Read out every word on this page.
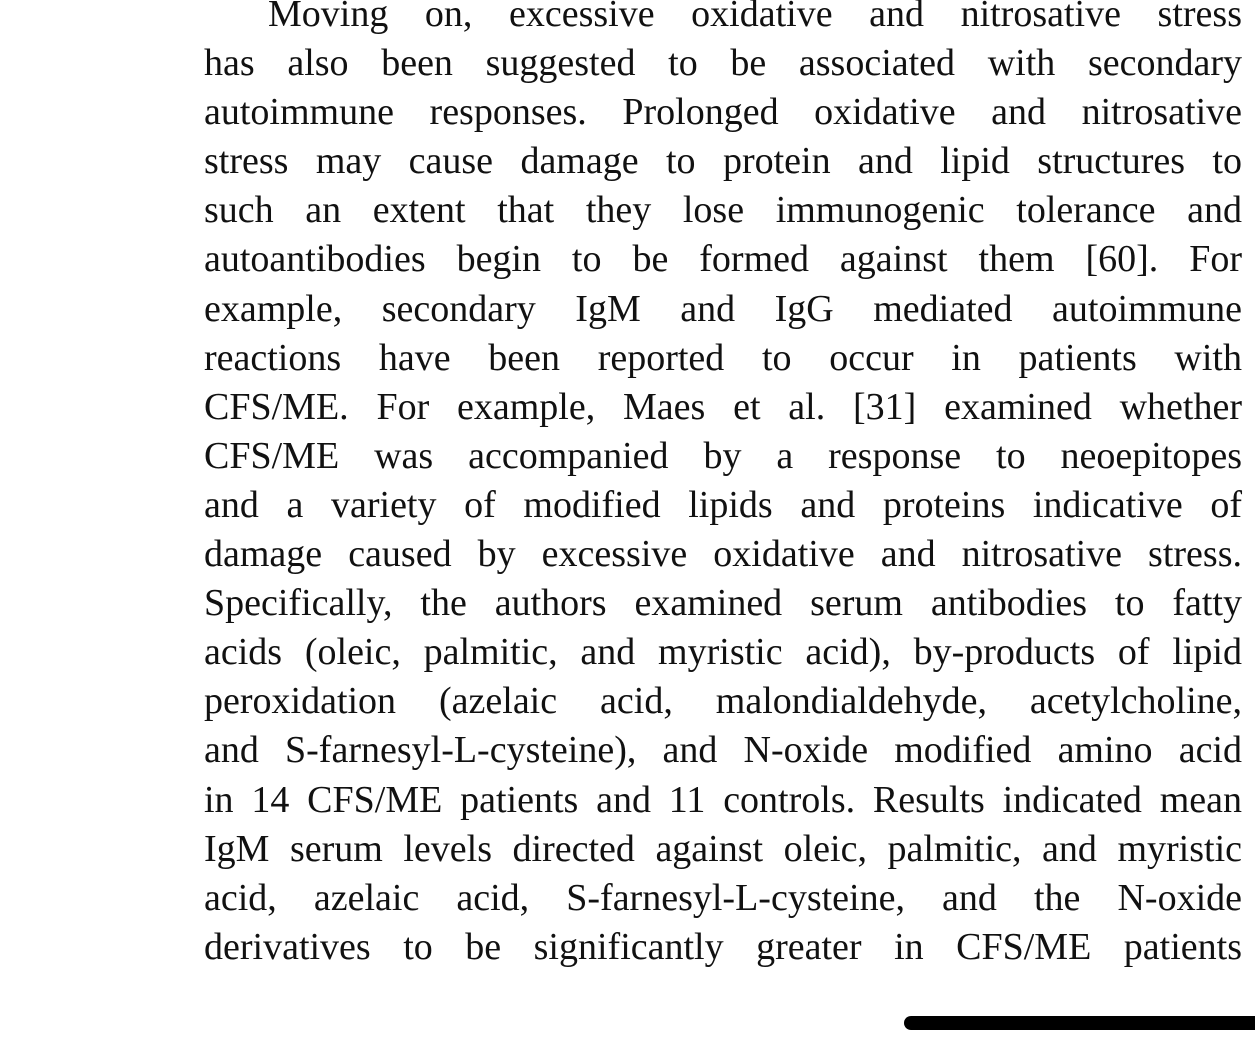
Moving on, excessive oxidative and nitrosative stress
has also been suggested to be associated with secondary
autoimmune responses. Prolonged oxidative and nitrosative
stress may cause damage to protein and lipid structures to
such an extent that they lose immunogenic tolerance and
autoantibodies begin to be formed against them [60]. For
example, secondary IgM and IgG mediated autoimmune
reactions have been reported to occur in patients with
CFS/ME. For example, Maes et al. [31] examined whether
CFS/ME was accompanied by a response to neoepitopes
and a variety of modified lipids and proteins indicative of
damage caused by excessive oxidative and nitrosative stress.
Specifically, the authors examined serum antibodies to fatty
acids (oleic, palmitic, and myristic acid), by-products of lipid
peroxidation (azelaic acid, malondialdehyde, acetylcholine,
and S-farnesyl-L-cysteine), and N-oxide modified amino acid
in 14 CFS/ME patients and 11 controls. Results indicated mean
IgM serum levels directed against oleic, palmitic, and myristic
acid, azelaic acid, S-farnesyl-L-cysteine, and the N-oxide
derivatives to be significantly greater in CFS/ME patients
